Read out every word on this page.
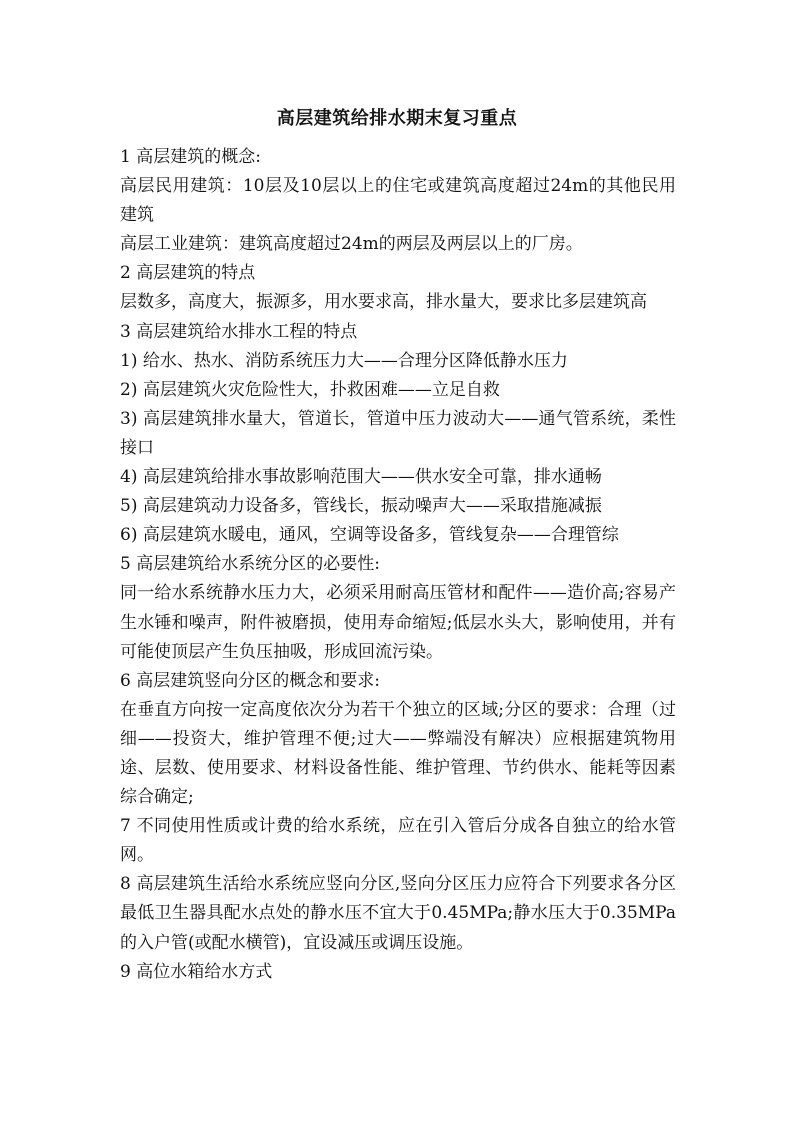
高层建筑给排水期末复习重点

1 高层建筑的概念:

高层民用建筑：10层及10层以上的住宅或建筑高度超过24m的其他民用建筑

高层工业建筑：建筑高度超过24m的两层及两层以上的厂房。

2 高层建筑的特点

层数多，高度大，振源多，用水要求高，排水量大，要求比多层建筑高

3 高层建筑给水排水工程的特点

1) 给水、热水、消防系统压力大——合理分区降低静水压力

2) 高层建筑火灾危险性大，扑救困难——立足自救

3) 高层建筑排水量大，管道长，管道中压力波动大——通气管系统，柔性接口

4) 高层建筑给排水事故影响范围大——供水安全可靠，排水通畅

5) 高层建筑动力设备多，管线长，振动噪声大——采取措施减振

6) 高层建筑水暖电，通风，空调等设备多，管线复杂——合理管综

5 高层建筑给水系统分区的必要性:

同一给水系统静水压力大，必须采用耐高压管材和配件——造价高;容易产生水锤和噪声，附件被磨损，使用寿命缩短;低层水头大，影响使用，并有可能使顶层产生负压抽吸，形成回流污染。

6 高层建筑竖向分区的概念和要求:

在垂直方向按一定高度依次分为若干个独立的区域;分区的要求：合理（过细——投资大，维护管理不便;过大——弊端没有解决）应根据建筑物用途、层数、使用要求、材料设备性能、维护管理、节约供水、能耗等因素综合确定;

7 不同使用性质或计费的给水系统，应在引入管后分成各自独立的给水管网。

8 高层建筑生活给水系统应竖向分区,竖向分区压力应符合下列要求各分区最低卫生器具配水点处的静水压不宜大于0.45MPa;静水压大于0.35MPa的入户管(或配水横管)，宜设减压或调压设施。

9 高位水箱给水方式
